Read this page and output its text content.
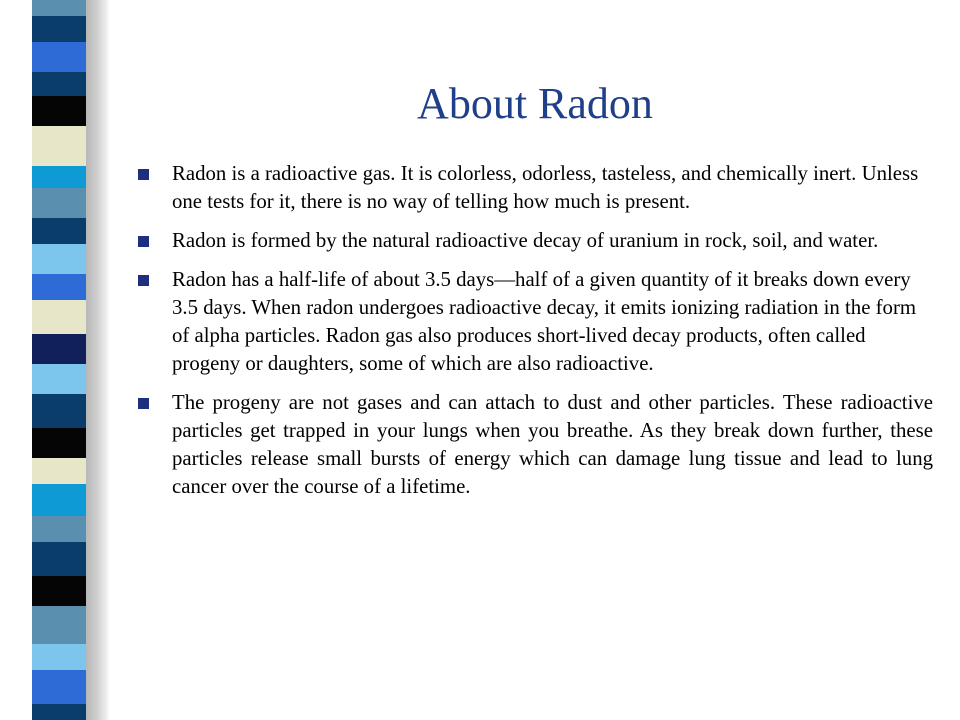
About Radon
Radon is a radioactive gas. It is colorless, odorless, tasteless, and chemically inert. Unless one tests for it, there is no way of telling how much is present.
Radon is formed by the natural radioactive decay of uranium in rock, soil, and water.
Radon has a half-life of about 3.5 days—half of a given quantity of it breaks down every 3.5 days. When radon undergoes radioactive decay, it emits ionizing radiation in the form of alpha particles. Radon gas also produces short-lived decay products, often called progeny or daughters, some of which are also radioactive.
The progeny are not gases and can attach to dust and other particles. These radioactive particles get trapped in your lungs when you breathe. As they break down further, these particles release small bursts of energy which can damage lung tissue and lead to lung cancer over the course of a lifetime.
